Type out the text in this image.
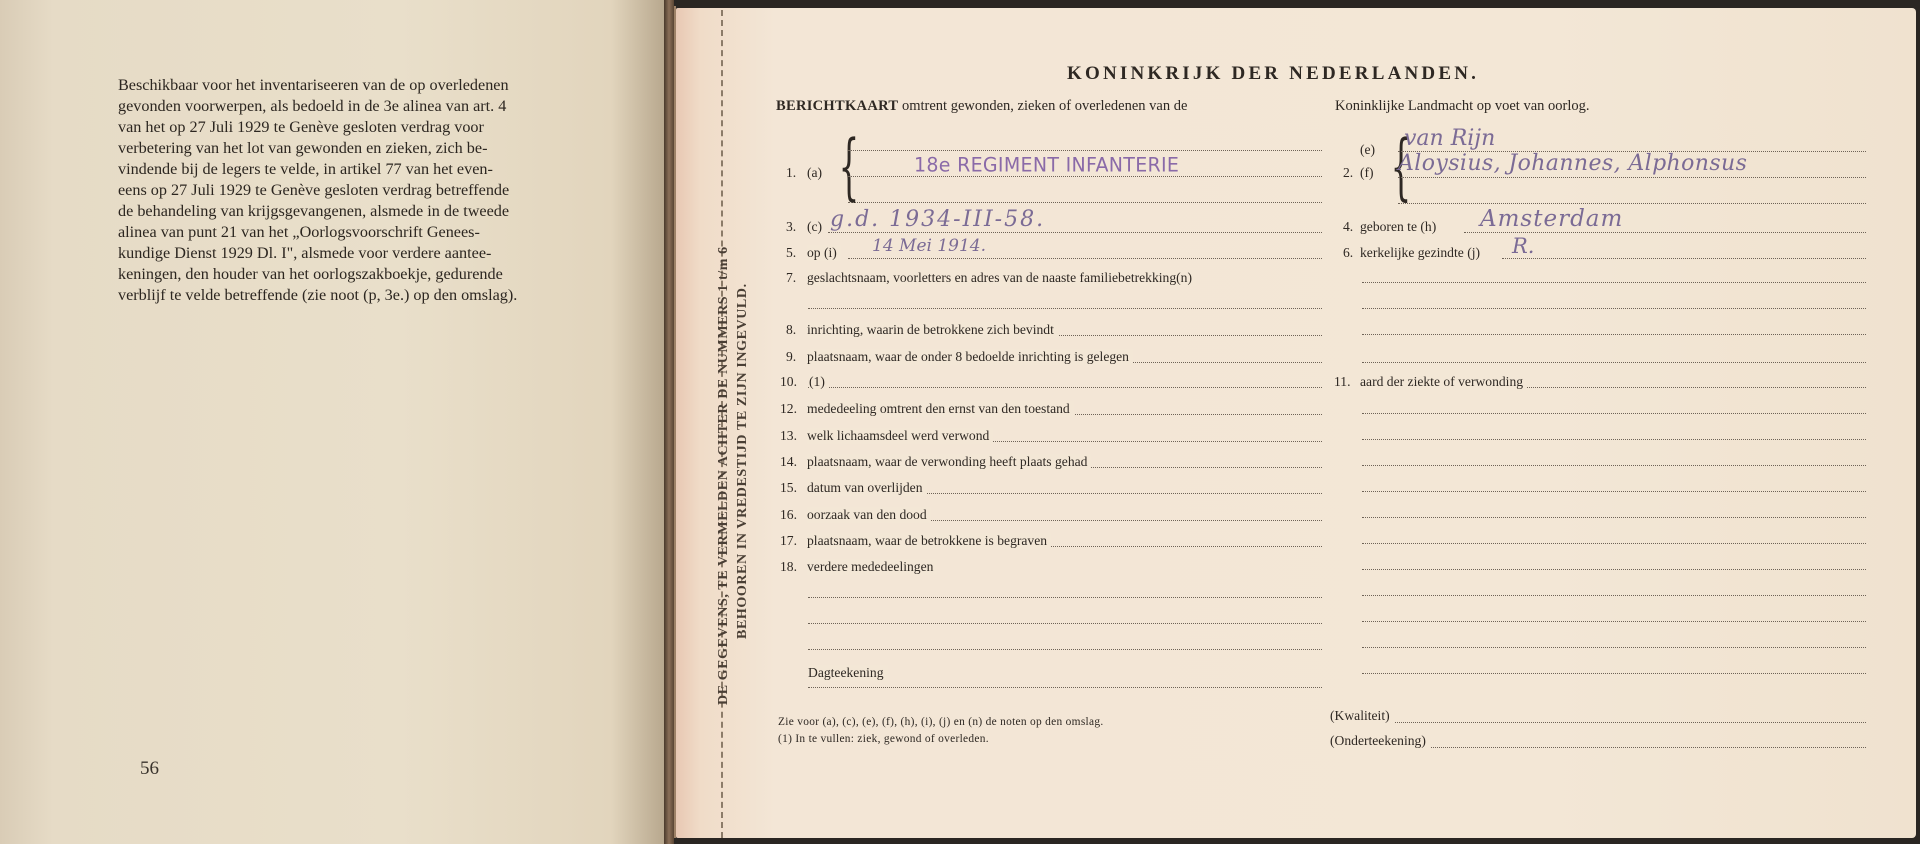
Beschikbaar voor het inventariseeren van de op overledenen
gevonden voorwerpen, als bedoeld in de 3e alinea van art. 4
van het op 27 Juli 1929 te Genève gesloten verdrag voor
verbetering van het lot van gewonden en zieken, zich be-
vindende bij de legers te velde, in artikel 77 van het even-
eens op 27 Juli 1929 te Genève gesloten verdrag betreffende
de behandeling van krijgsgevangenen, alsmede in de tweede
alinea van punt 21 van het „Oorlogsvoorschrift Genees-
kundige Dienst 1929 Dl. I", alsmede voor verdere aantee-
keningen, den houder van het oorlogszakboekje, gedurende
verblijf te velde betreffende (zie noot (p, 3e.) op den omslag).
56
DE GEGEVENS, TE VERMELDEN ACHTER DE NUMMERS 1 t/m 6 BEHOOREN IN VREDESTIJD TE ZIJN INGEVULD.
KONINKRIJK DER NEDERLANDEN.
BERICHTKAART omtrent gewonden, zieken of overledenen van de	Koninklijke Landmacht op voet van oorlog.
1. (a) {	18e REGIMENT INFANTERIE
(e)
2. (f) {
van Rijn
Aloysius, Johannes, Alphonsus
3. (c) g.d. 1934-III-58.	4. geboren te (h) Amsterdam
5. op (i) 14 Mei 1914.	6. kerkelijke gezindte (j) R.
7. geslachtsnaam, voorletters en adres van de naaste familiebetrekking(n)
8. inrichting, waarin de betrokkene zich bevindt
9. plaatsnaam, waar de onder 8 bedoelde inrichting is gelegen
10. (1)	11. aard der ziekte of verwonding
12. mededeeling omtrent den ernst van den toestand
13. welk lichaamsdeel werd verwond
14. plaatsnaam, waar de verwonding heeft plaats gehad
15. datum van overlijden
16. oorzaak van den dood
17. plaatsnaam, waar de betrokkene is begraven
18. verdere mededeelingen
Dagteekening
(Kwaliteit)
(Onderteekening)
Zie voor (a), (c), (e), (f), (h), (i), (j) en (n) de noten op den omslag.
(1) In te vullen: ziek, gewond of overleden.
